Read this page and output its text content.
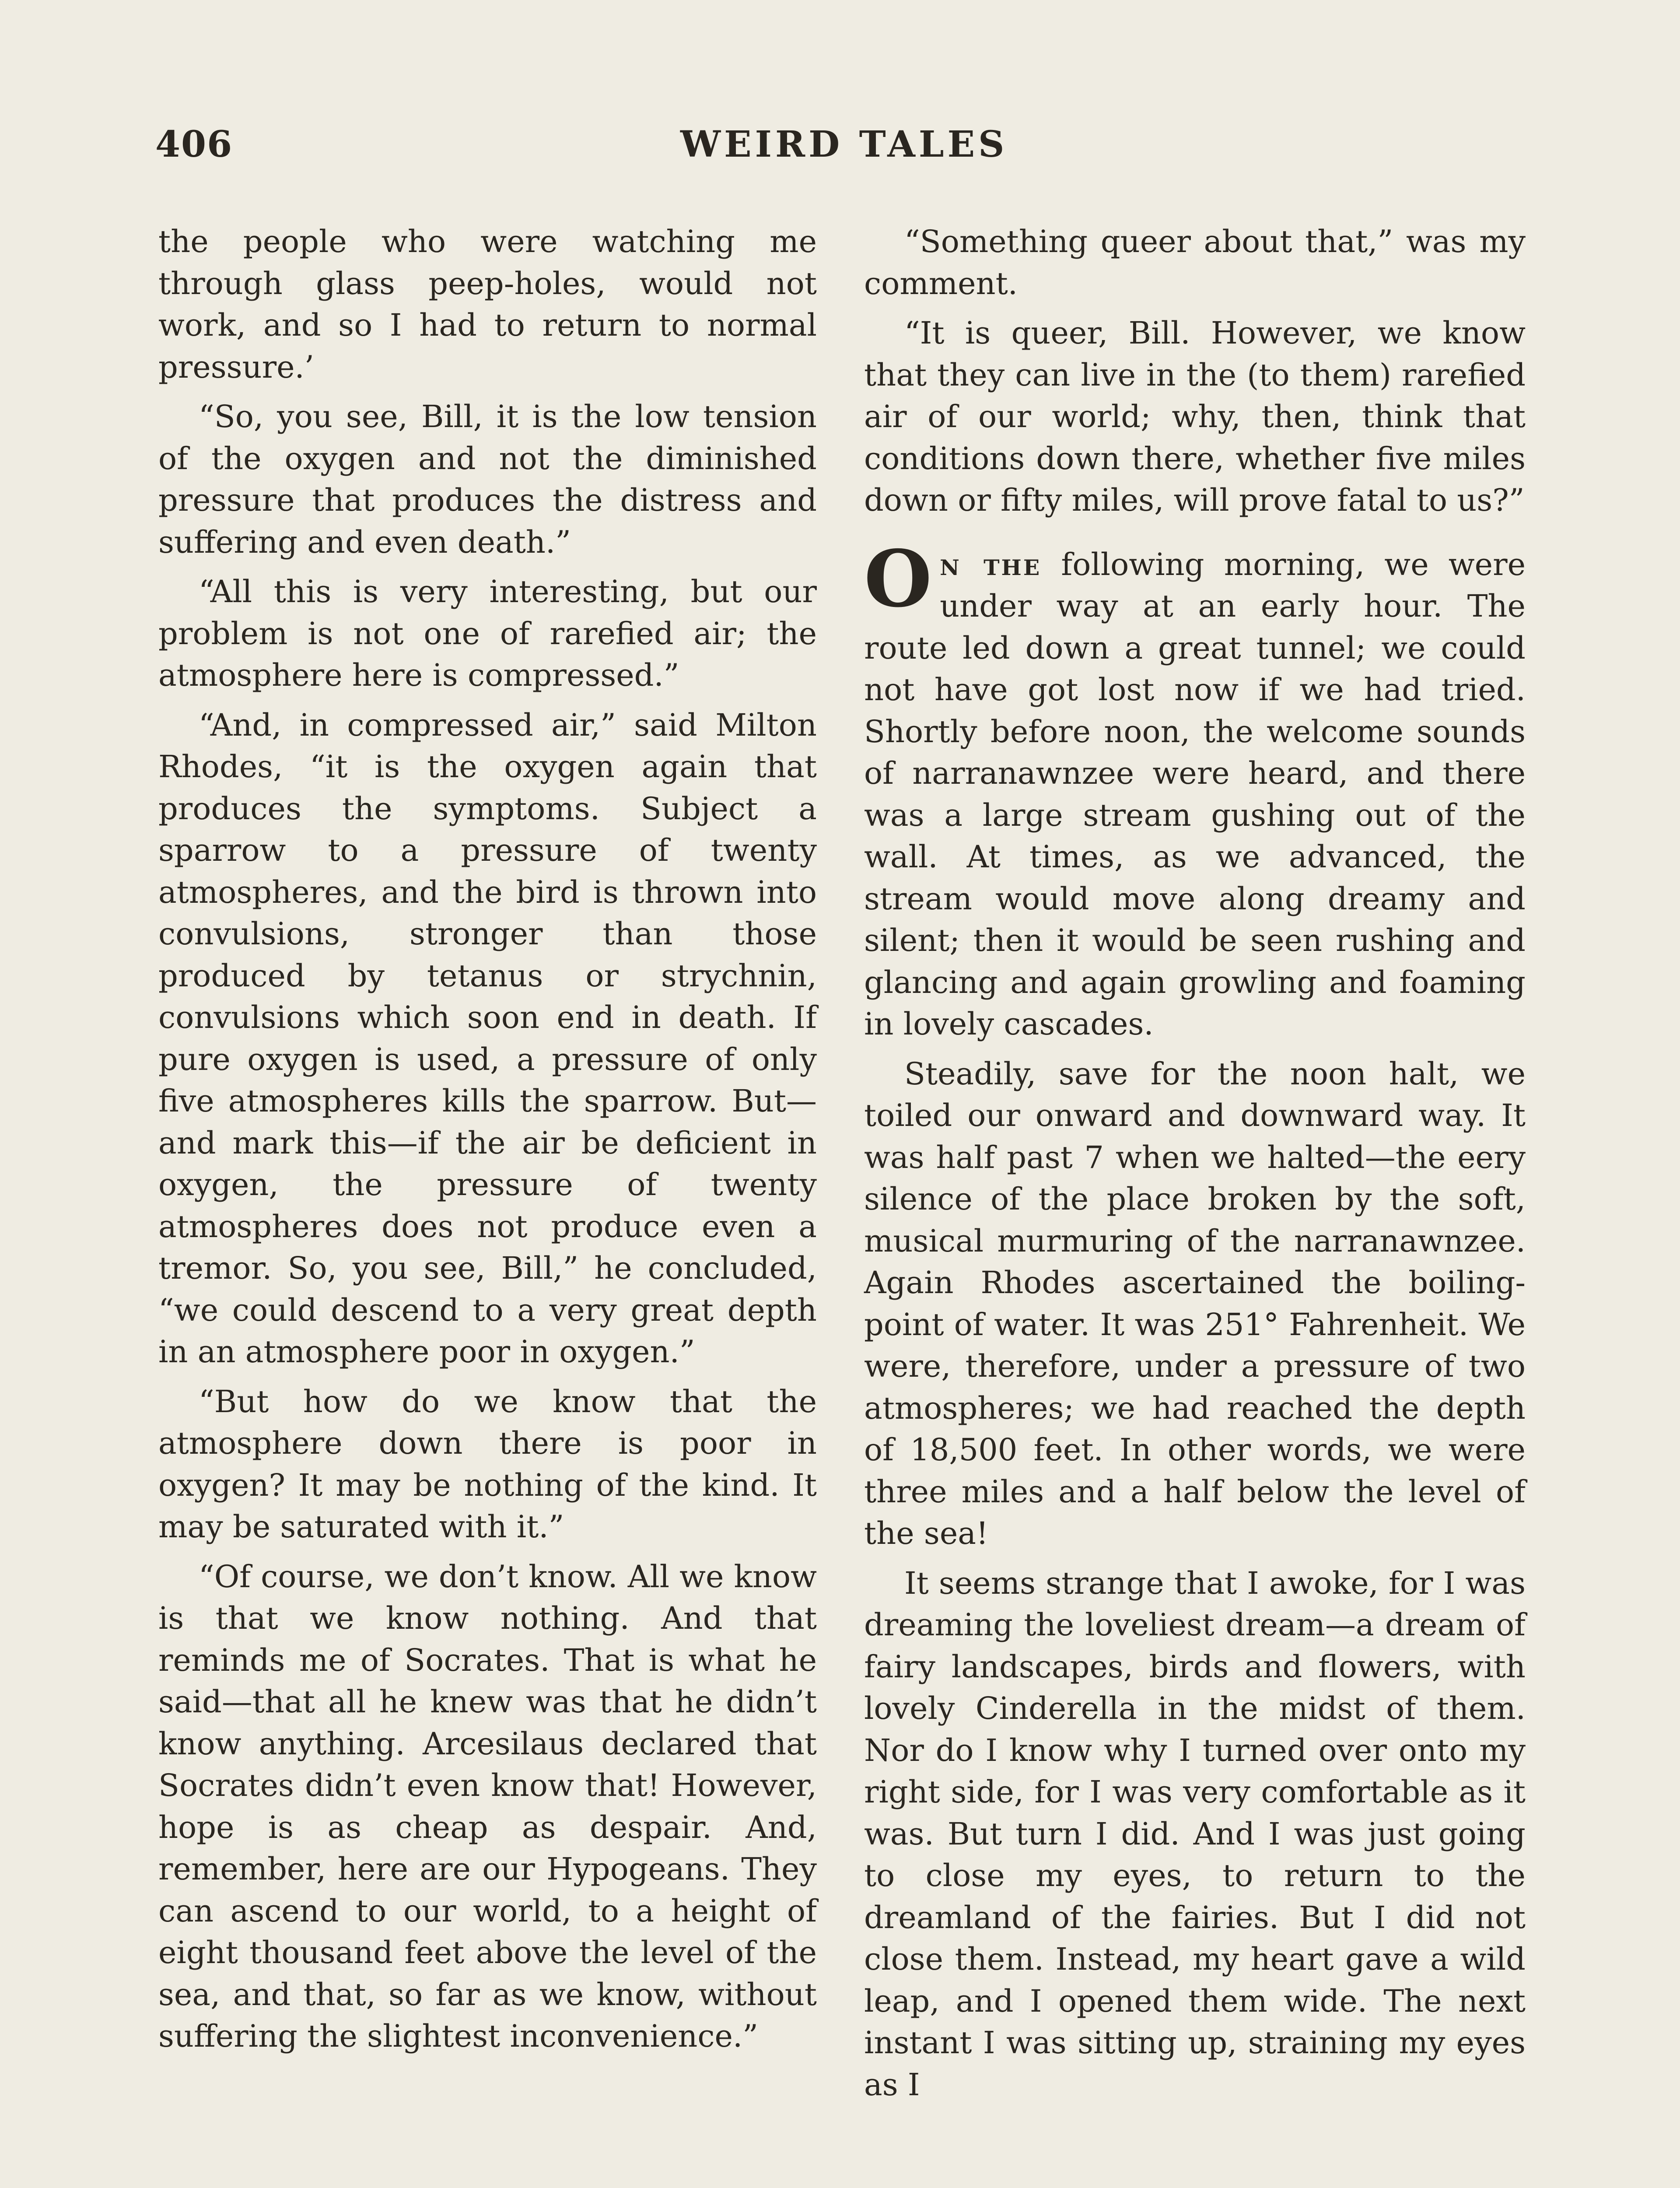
406	WEIRD TALES

the people who were watching me through glass peep-holes, would not work, and so I had to return to normal pressure.’

“So, you see, Bill, it is the low tension of the oxygen and not the diminished pressure that produces the distress and suffering and even death.”

“All this is very interesting, but our problem is not one of rarefied air; the atmosphere here is compressed.”

“And, in compressed air,” said Milton Rhodes, “it is the oxygen again that produces the symptoms. Subject a sparrow to a pressure of twenty atmospheres, and the bird is thrown into convulsions, stronger than those produced by tetanus or strychnin, convulsions which soon end in death. If pure oxygen is used, a pressure of only five atmospheres kills the sparrow. But—and mark this—if the air be deficient in oxygen, the pressure of twenty atmospheres does not produce even a tremor. So, you see, Bill,” he concluded, “we could descend to a very great depth in an atmosphere poor in oxygen.”

“But how do we know that the atmosphere down there is poor in oxygen? It may be nothing of the kind. It may be saturated with it.”

“Of course, we don’t know. All we know is that we know nothing. And that reminds me of Socrates. That is what he said—that all he knew was that he didn’t know anything. Arcesilaus declared that Socrates didn’t even know that! However, hope is as cheap as despair. And, remember, here are our Hypogeans. They can ascend to our world, to a height of eight thousand feet above the level of the sea, and that, so far as we know, without suffering the slightest inconvenience.”

“Something queer about that,” was my comment.

“It is queer, Bill. However, we know that they can live in the (to them) rarefied air of our world; why, then, think that conditions down there, whether five miles down or fifty miles, will prove fatal to us?”

On the following morning, we were under way at an early hour. The route led down a great tunnel; we could not have got lost now if we had tried. Shortly before noon, the welcome sounds of narranawnzee were heard, and there was a large stream gushing out of the wall. At times, as we advanced, the stream would move along dreamy and silent; then it would be seen rushing and glancing and again growling and foaming in lovely cascades.

Steadily, save for the noon halt, we toiled our onward and downward way. It was half past 7 when we halted—the eery silence of the place broken by the soft, musical murmuring of the narranawnzee. Again Rhodes ascertained the boiling-point of water. It was 251° Fahrenheit. We were, therefore, under a pressure of two atmospheres; we had reached the depth of 18,500 feet. In other words, we were three miles and a half below the level of the sea!

It seems strange that I awoke, for I was dreaming the loveliest dream—a dream of fairy landscapes, birds and flowers, with lovely Cinderella in the midst of them. Nor do I know why I turned over onto my right side, for I was very comfortable as it was. But turn I did. And I was just going to close my eyes, to return to the dreamland of the fairies. But I did not close them. Instead, my heart gave a wild leap, and I opened them wide. The next instant I was sitting up, straining my eyes as I
